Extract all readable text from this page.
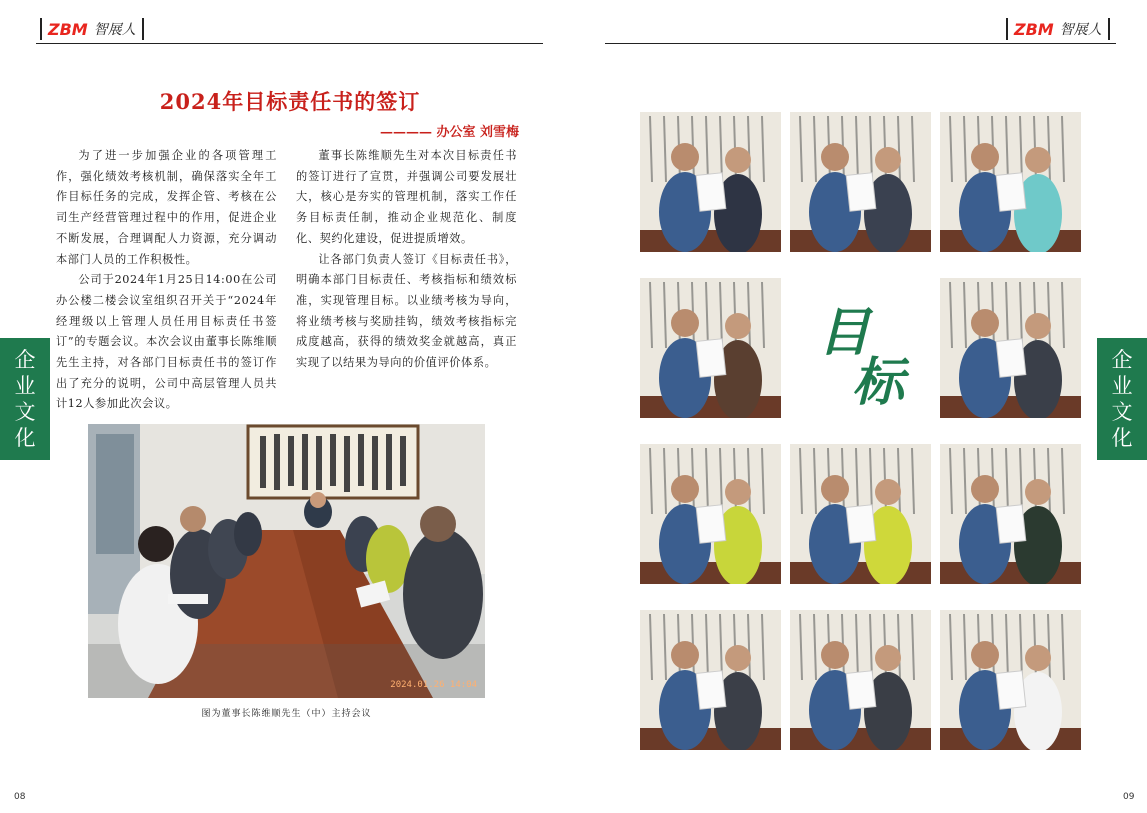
ZBM 智展人	ZBM 智展人
2024年目标责任书的签订
———— 办公室 刘雪梅

为了进一步加强企业的各项管理工作，强化绩效考核机制，确保落实全年工作目标任务的完成，发挥企管、考核在公司生产经营管理过程中的作用，促进企业不断发展，合理调配人力资源，充分调动本部门人员的工作积极性。

公司于2024年1月25日14:00在公司办公楼二楼会议室组织召开关于“2024年经理级以上管理人员任用目标责任书签订”的专题会议。本次会议由董事长陈维顺先生主持，对各部门目标责任书的签订作出了充分的说明，公司中高层管理人员共计12人参加此次会议。

董事长陈维顺先生对本次目标责任书的签订进行了宣贯，并强调公司要发展壮大，核心是夯实的管理机制，落实工作任务目标责任制，推动企业规范化、制度化、契约化建设，促进提质增效。

让各部门负责人签订《目标责任书》，明确本部门目标责任、考核指标和绩效标准，实现管理目标。以业绩考核为导向，将业绩考核与奖励挂钩，绩效考核指标完成度越高，获得的绩效奖金就越高，真正实现了以结果为导向的价值评价体系。

2024.01.26 14:04
图为董事长陈维顺先生（中）主持会议
企业文化
企业文化
目
标
08	09
